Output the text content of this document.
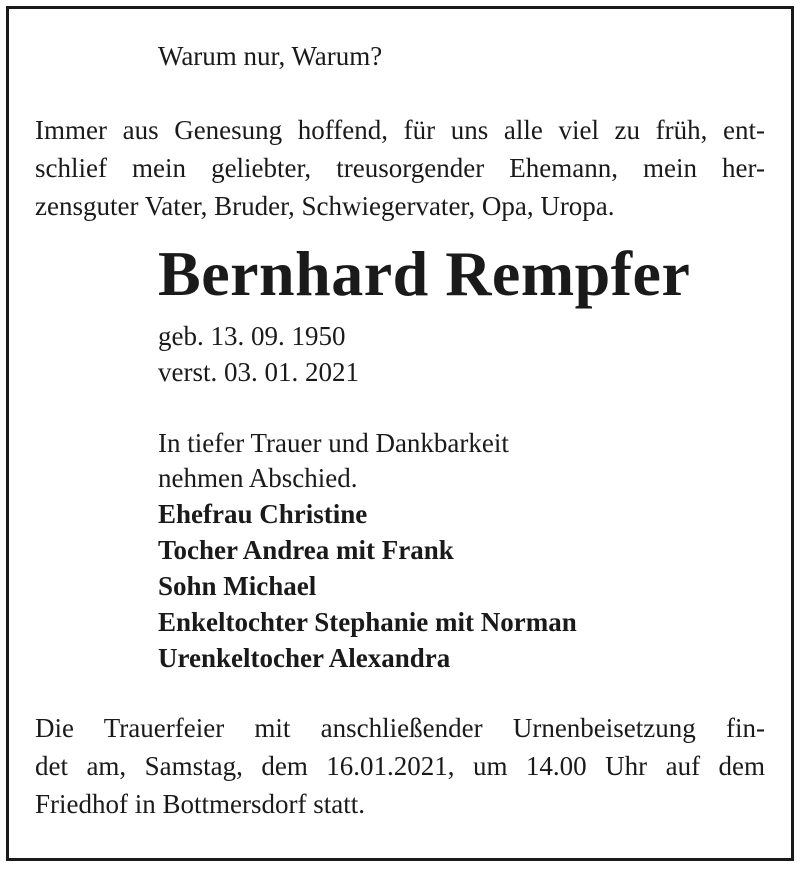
Warum nur, Warum?
Immer aus Genesung hoffend, für uns alle viel zu früh, ent-
schlief mein geliebter, treusorgender Ehemann, mein her-
zensguter Vater, Bruder, Schwiegervater, Opa, Uropa.
Bernhard Rempfer
geb. 13. 09. 1950
verst. 03. 01. 2021
In tiefer Trauer und Dankbarkeit
nehmen Abschied.
Ehefrau Christine
Tocher Andrea mit Frank
Sohn Michael
Enkeltochter Stephanie mit Norman
Urenkeltocher Alexandra
Die Trauerfeier mit anschließender Urnenbeisetzung fin-
det am, Samstag, dem 16.01.2021, um 14.00 Uhr auf dem
Friedhof in Bottmersdorf statt.
